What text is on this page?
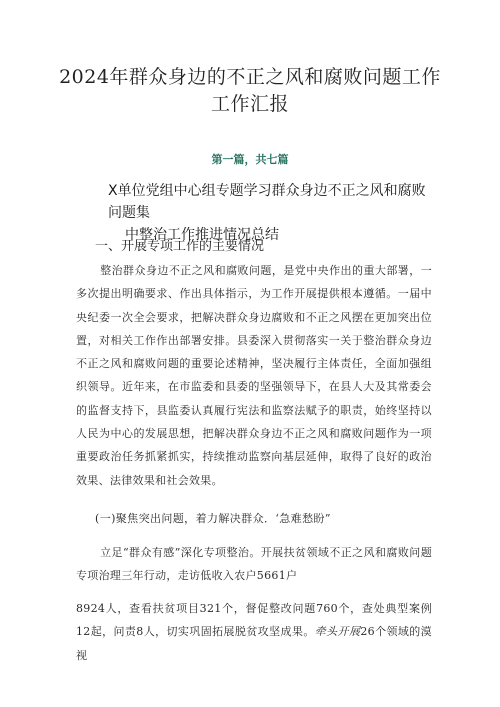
2024年群众身边的不正之风和腐败问题工作工作汇报
第一篇，共七篇
X单位党组中心组专题学习群众身边不正之风和腐败问题集
中整治工作推进情况总结
一、开展专项工作的主要情况
整治群众身边不正之风和腐败问题，是党中央作出的重大部署，一多次提出明确要求、作出具体指示，为工作开展提供根本遵循。一届中央纪委一次全会要求，把解决群众身边腐败和不正之风摆在更加突出位置，对相关工作作出部署安排。县委深入贯彻落实一关于整治群众身边不正之风和腐败问题的重要论述精神，坚决履行主体责任，全面加强组织领导。近年来，在市监委和县委的坚强领导下，在县人大及其常委会的监督支持下，县监委认真履行宪法和监察法赋予的职责，始终坚持以人民为中心的发展思想，把解决群众身边不正之风和腐败问题作为一项重要政治任务抓紧抓实，持续推动监察向基层延伸，取得了良好的政治效果、法律效果和社会效果。
(一)聚焦突出问题，着力解决群众．‘急难愁盼”
立足“群众有感”深化专项整治。开展扶贫领域不正之风和腐败问题专项治理三年行动，走访低收入农户5661户
8924人，查看扶贫项目321个，督促整改问题760个，查处典型案例12起，问责8人，切实巩固拓展脱贫攻坚成果。牵头开展26个领域的漠视
